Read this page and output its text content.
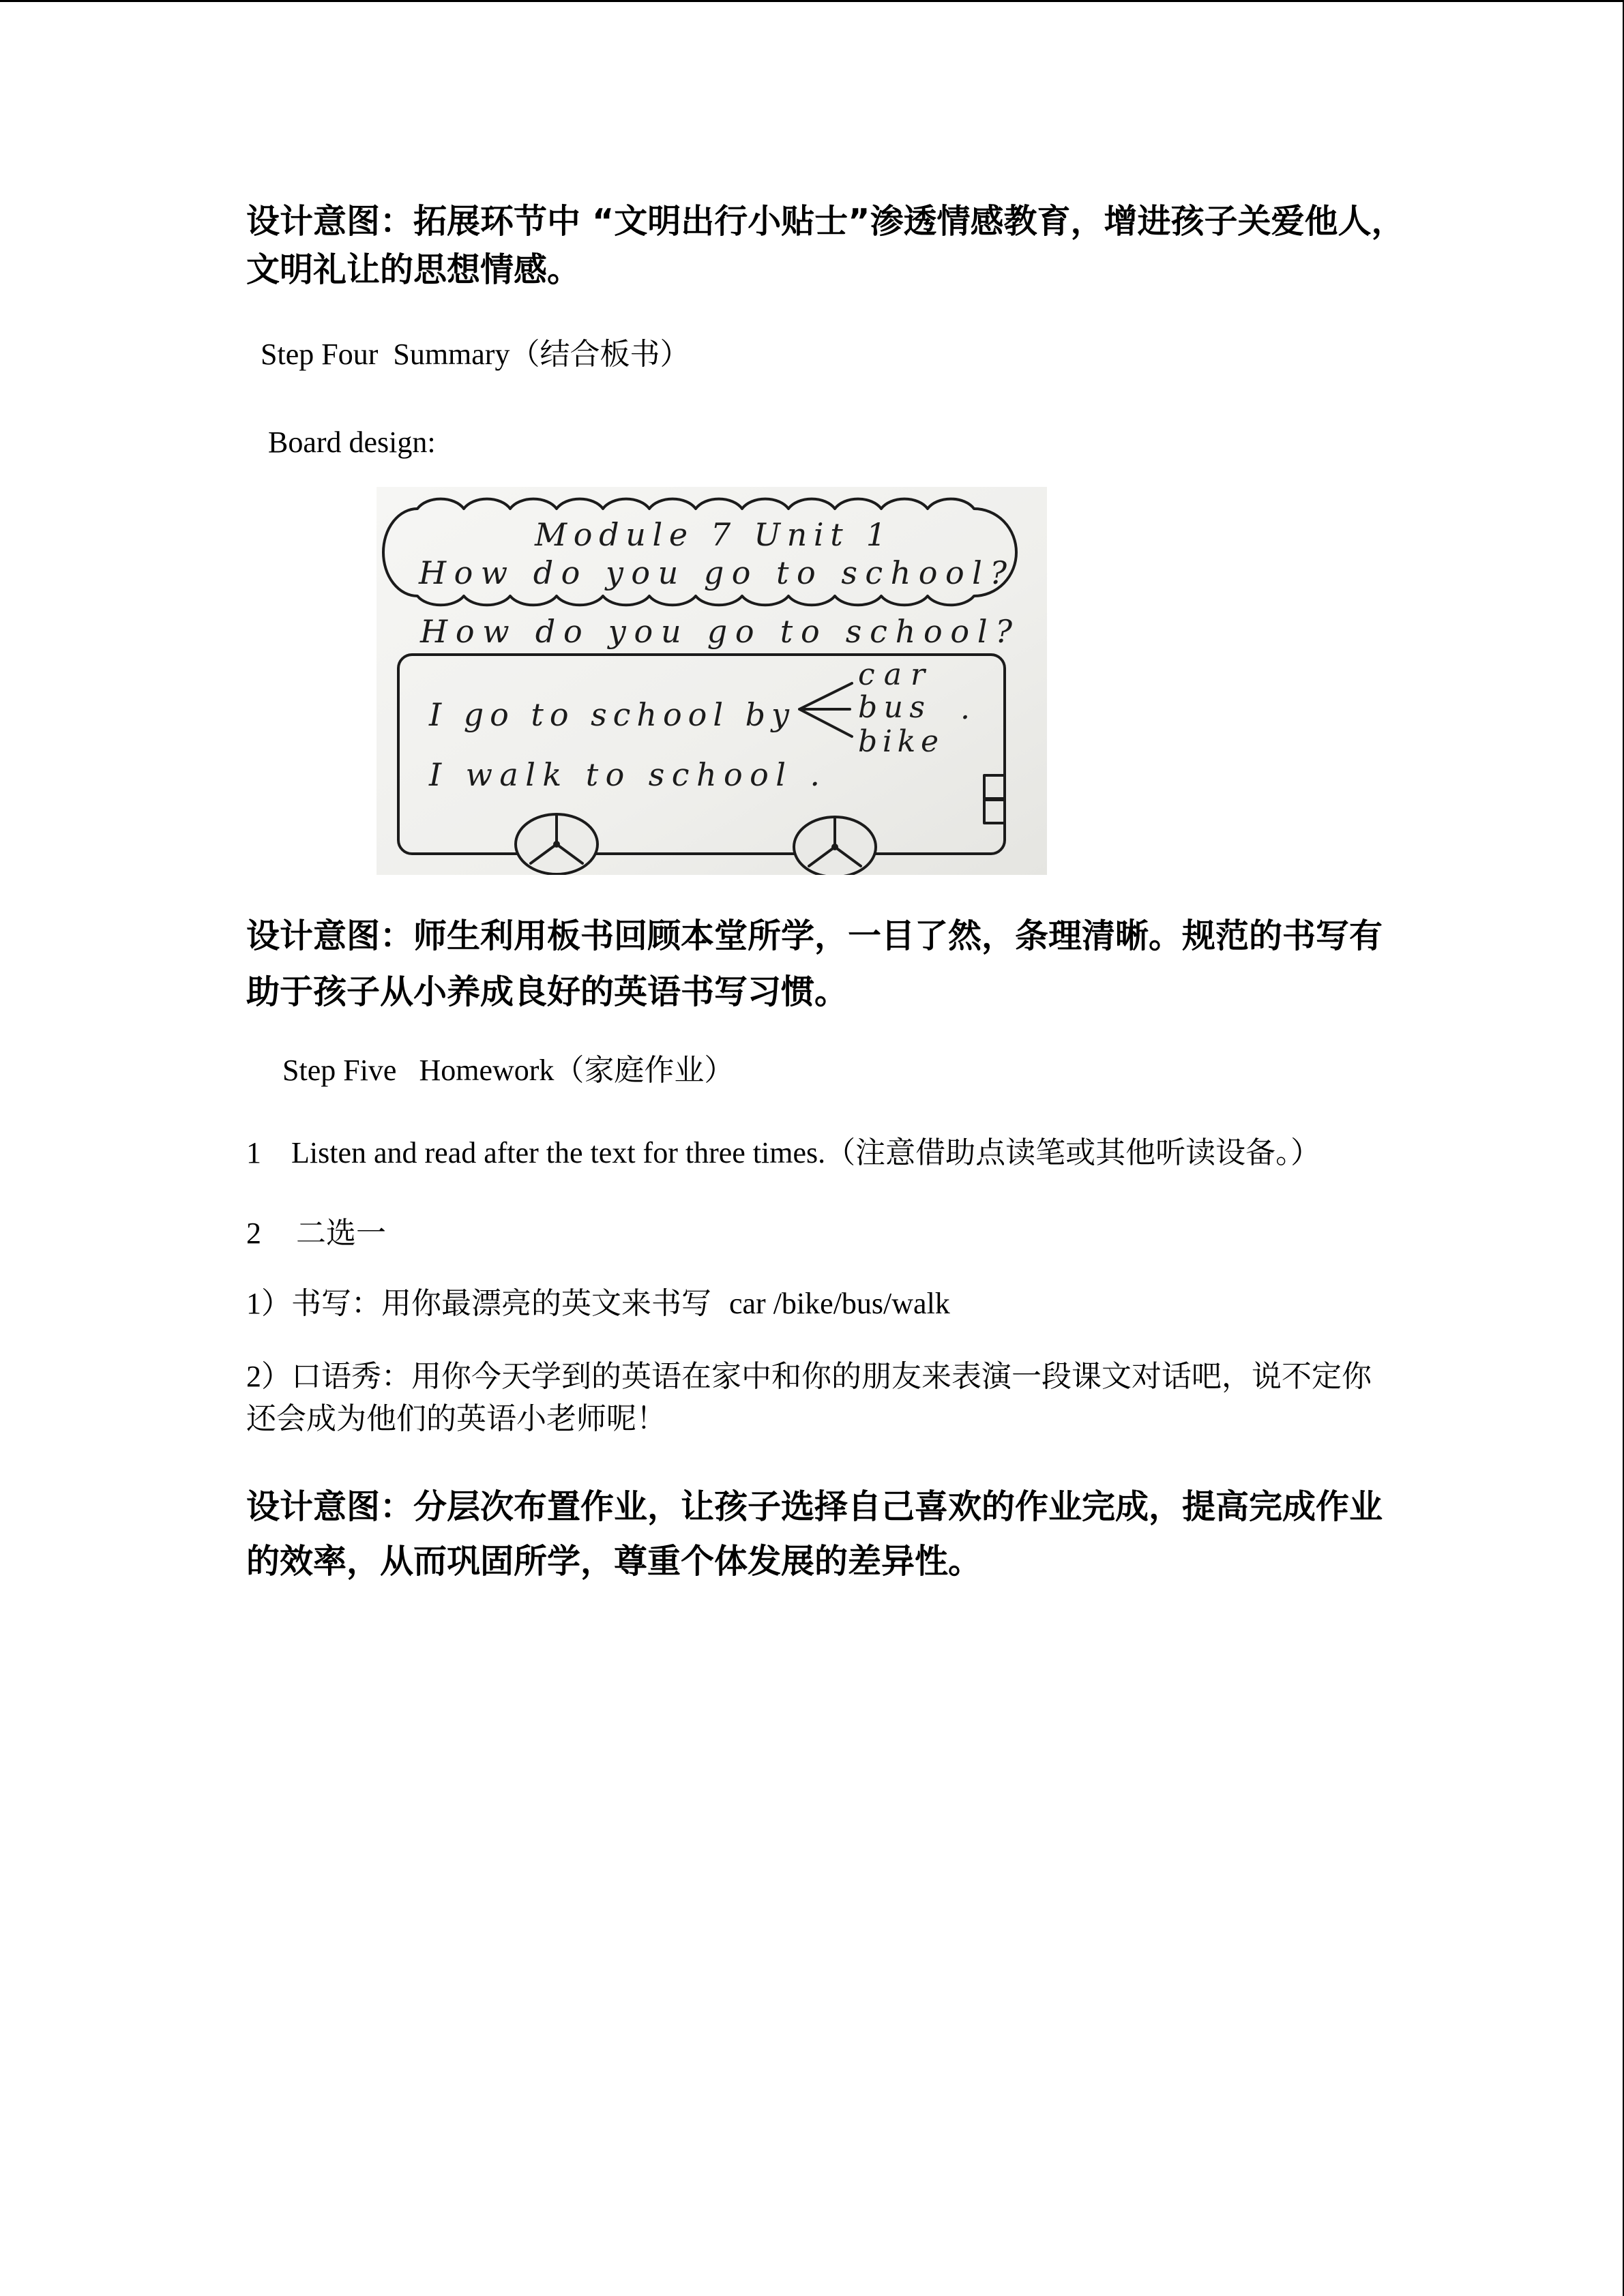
设计意图：拓展环节中 “文明出行小贴士”渗透情感教育，增进孩子关爱他人，
文明礼让的思想情感。
Step Four  Summary （结合板书）
Board design:
Module 7 Unit 1
How do you go to school?
How do you go to school?
I go to school by
car
bus .
bike
I walk to school .
设计意图：师生利用板书回顾本堂所学，一目了然，条理清晰。规范的书写有
助于孩子从小养成良好的英语书写习惯。
Step Five   Homework （家庭作业）
1	Listen and read after the text for three times. （注意借助点读笔或其他听读设备。）
2	二选一
1）书写：用你最漂亮的英文来书写 car /bike/bus/walk
2）口语秀：用你今天学到的英语在家中和你的朋友来表演一段课文对话吧，说不定你
还会成为他们的英语小老师呢！
设计意图：分层次布置作业，让孩子选择自己喜欢的作业完成，提高完成作业
的效率，从而巩固所学，尊重个体发展的差异性。
